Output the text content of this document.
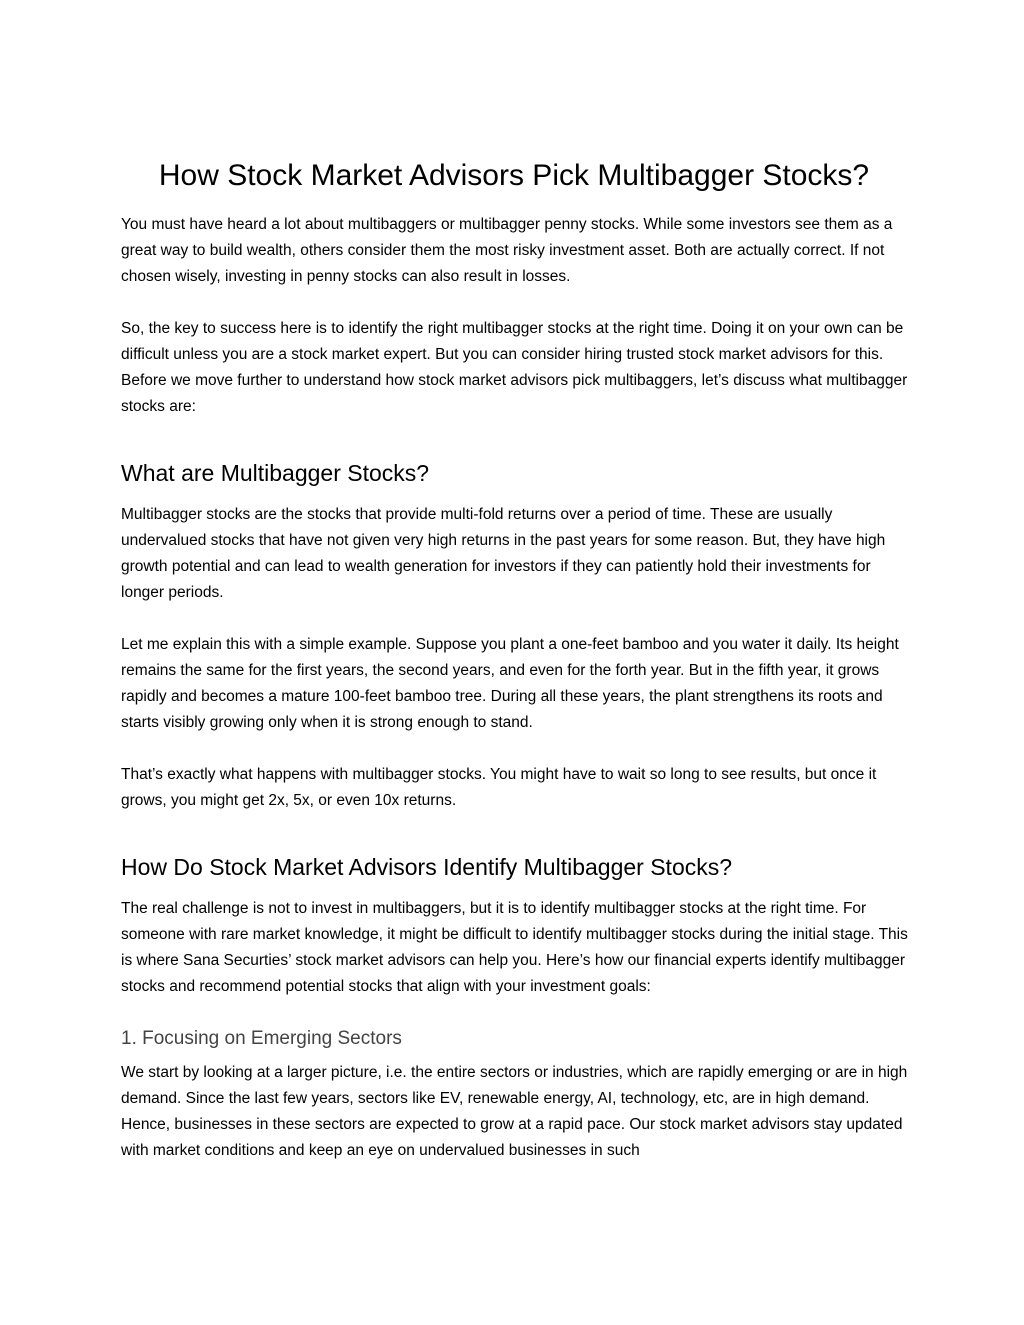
How Stock Market Advisors Pick Multibagger Stocks?

You must have heard a lot about multibaggers or multibagger penny stocks. While some investors see them as a great way to build wealth, others consider them the most risky investment asset. Both are actually correct. If not chosen wisely, investing in penny stocks can also result in losses.

So, the key to success here is to identify the right multibagger stocks at the right time. Doing it on your own can be difficult unless you are a stock market expert. But you can consider hiring trusted stock market advisors for this. Before we move further to understand how stock market advisors pick multibaggers, let’s discuss what multibagger stocks are:

What are Multibagger Stocks?

Multibagger stocks are the stocks that provide multi-fold returns over a period of time. These are usually undervalued stocks that have not given very high returns in the past years for some reason. But, they have high growth potential and can lead to wealth generation for investors if they can patiently hold their investments for longer periods.

Let me explain this with a simple example. Suppose you plant a one-feet bamboo and you water it daily. Its height remains the same for the first years, the second years, and even for the forth year. But in the fifth year, it grows rapidly and becomes a mature 100-feet bamboo tree. During all these years, the plant strengthens its roots and starts visibly growing only when it is strong enough to stand.

That’s exactly what happens with multibagger stocks. You might have to wait so long to see results, but once it grows, you might get 2x, 5x, or even 10x returns.

How Do Stock Market Advisors Identify Multibagger Stocks?

The real challenge is not to invest in multibaggers, but it is to identify multibagger stocks at the right time. For someone with rare market knowledge, it might be difficult to identify multibagger stocks during the initial stage. This is where Sana Securties’ stock market advisors can help you. Here’s how our financial experts identify multibagger stocks and recommend potential stocks that align with your investment goals:

1. Focusing on Emerging Sectors

We start by looking at a larger picture, i.e. the entire sectors or industries, which are rapidly emerging or are in high demand. Since the last few years, sectors like EV, renewable energy, AI, technology, etc, are in high demand. Hence, businesses in these sectors are expected to grow at a rapid pace. Our stock market advisors stay updated with market conditions and keep an eye on undervalued businesses in such
